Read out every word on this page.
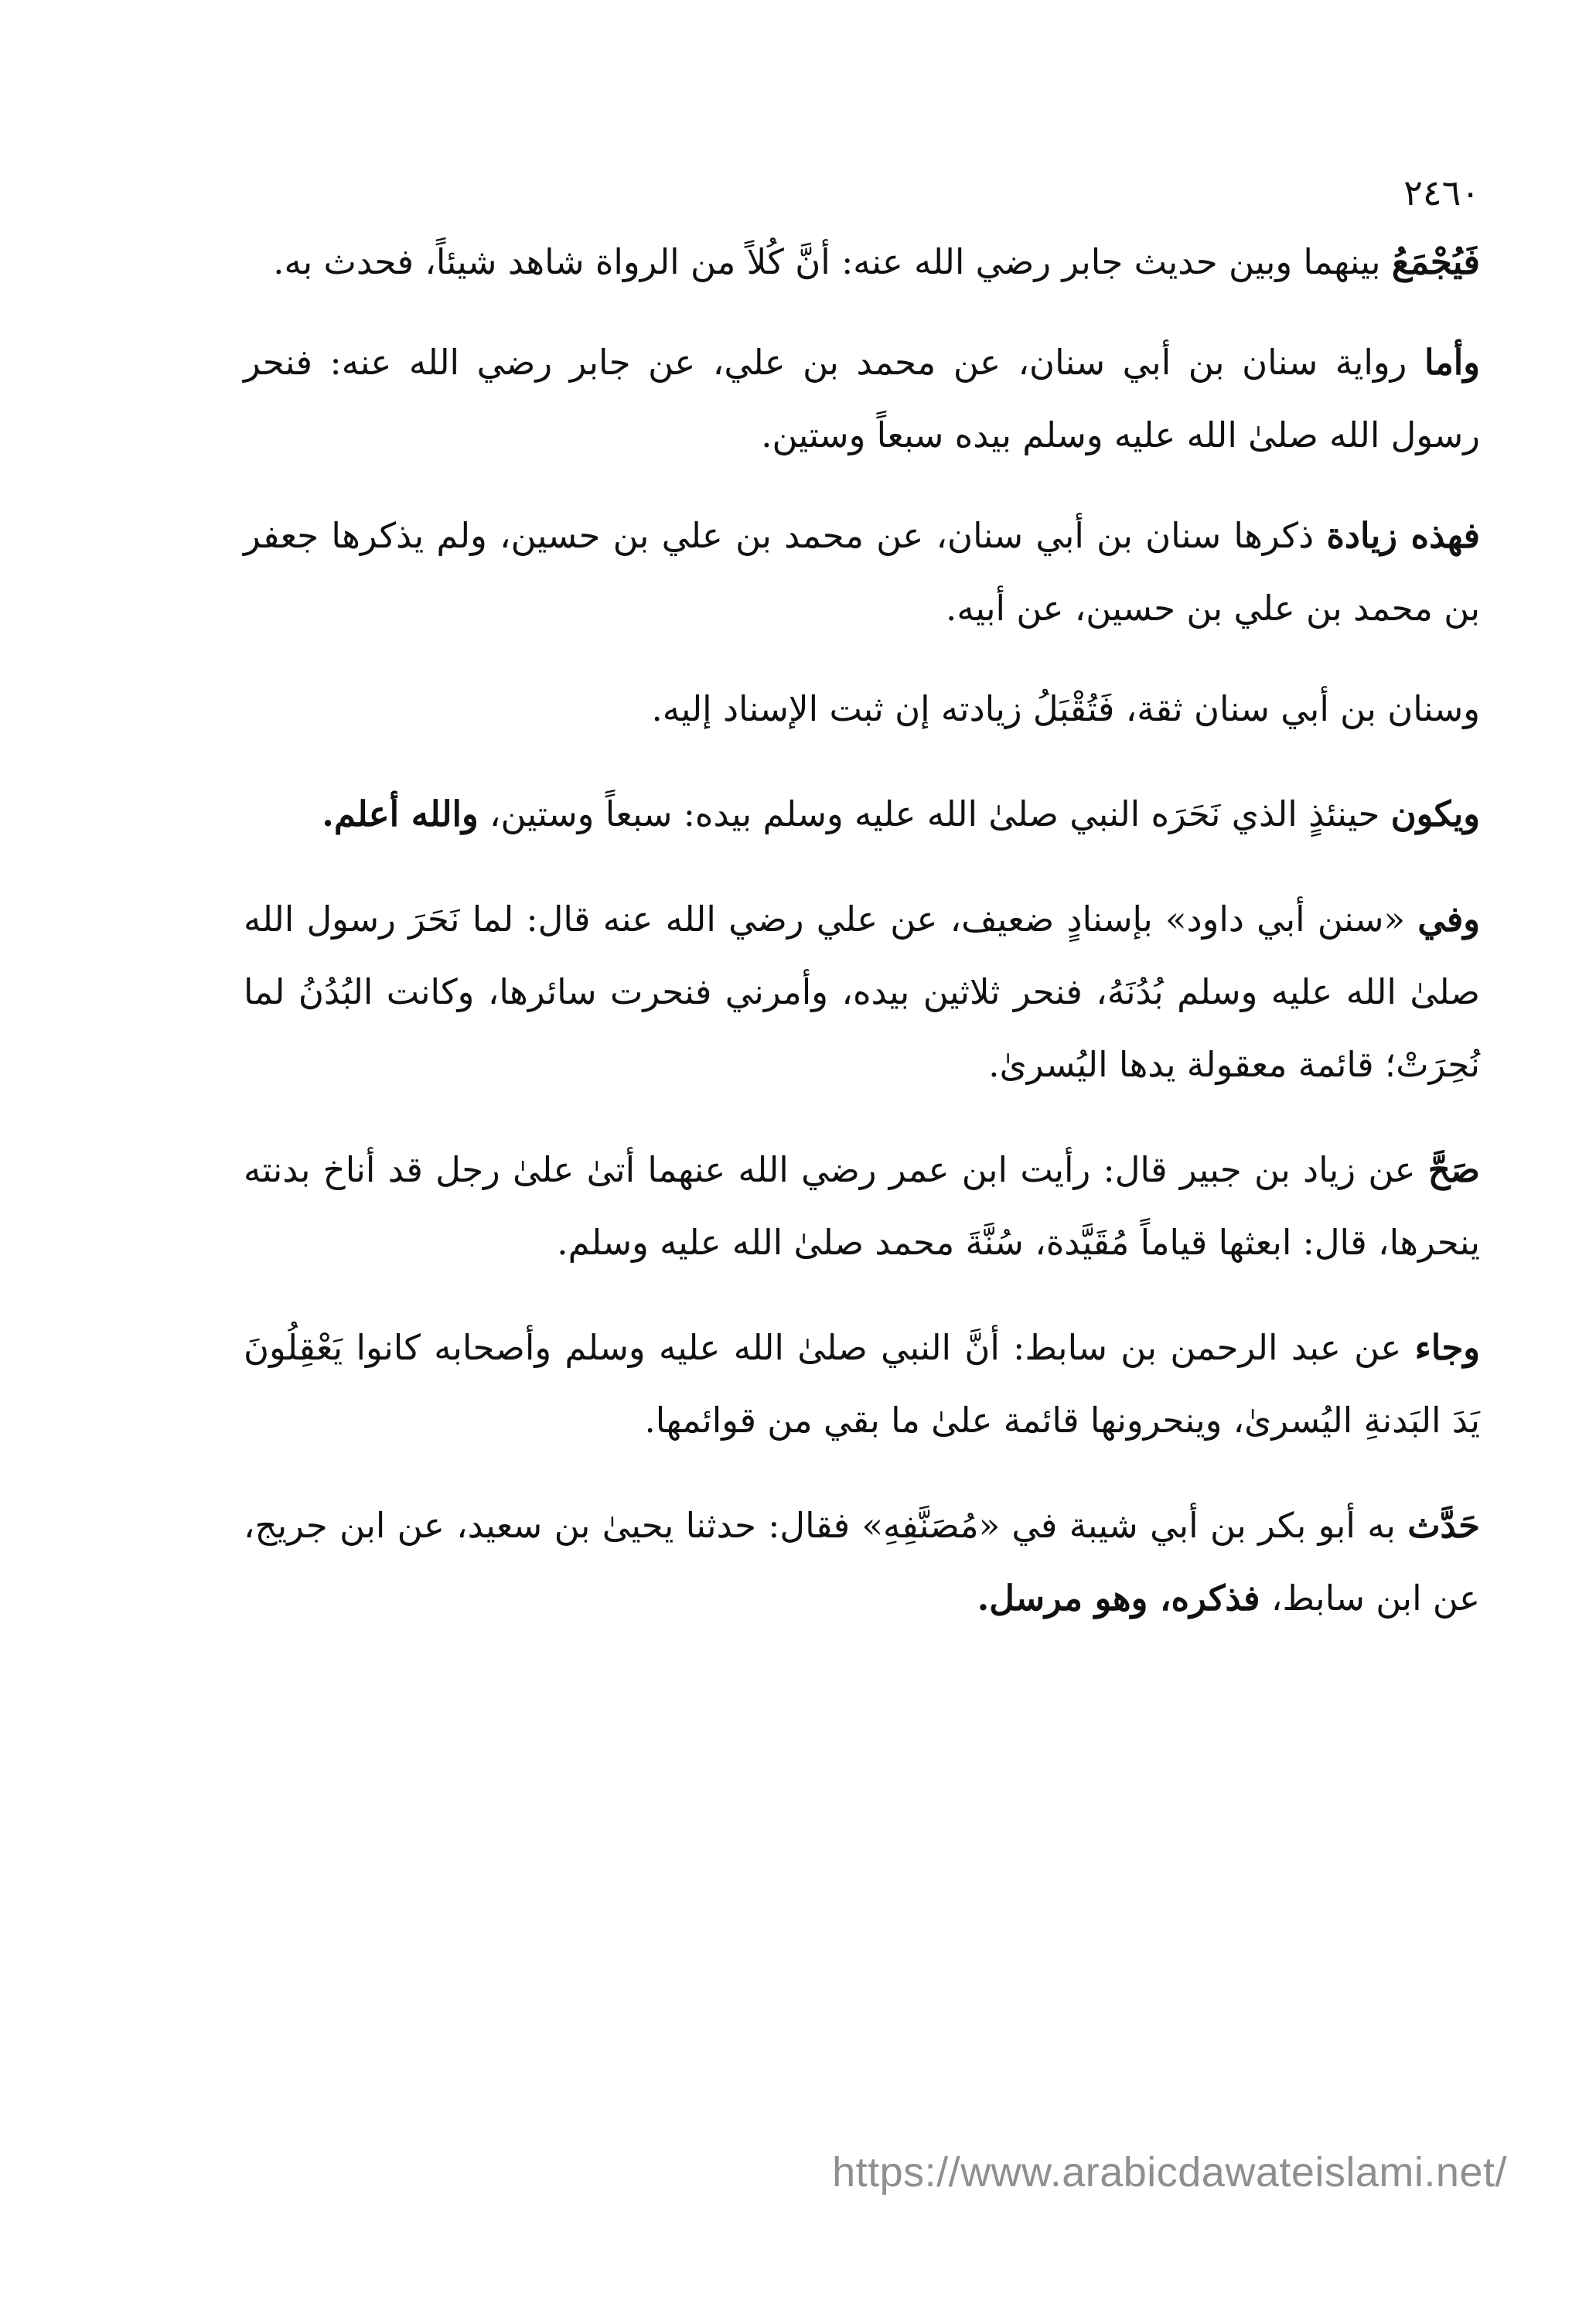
٢٤٦٠

فَيُجْمَعُ بينهما وبين حديث جابر رضي الله عنه: أنَّ كُلاً من الرواة شاهد شيئاً، فحدث به.

وأما رواية سنان بن أبي سنان، عن محمد بن علي، عن جابر رضي الله عنه: فنحر رسول الله صلىٰ الله عليه وسلم بيده سبعاً وستين.

فهذه زيادة ذكرها سنان بن أبي سنان، عن محمد بن علي بن حسين، ولم يذكرها جعفر بن محمد بن علي بن حسين، عن أبيه.

وسنان بن أبي سنان ثقة، فَتُقْبَلُ زيادته إن ثبت الإسناد إليه.

ويكون حينئذٍ الذي نَحَرَه النبي صلىٰ الله عليه وسلم بيده: سبعاً وستين، والله أعلم.

وفي «سنن أبي داود» بإسنادٍ ضعيف، عن علي رضي الله عنه قال: لما نَحَرَ رسول الله صلىٰ الله عليه وسلم بُدُنَهُ، فنحر ثلاثين بيده، وأمرني فنحرت سائرها، وكانت البُدُنُ لما نُحِرَتْ؛ قائمة معقولة يدها اليُسرىٰ.

صَحَّ عن زياد بن جبير قال: رأيت ابن عمر رضي الله عنهما أتىٰ علىٰ رجل قد أناخ بدنته ينحرها، قال: ابعثها قياماً مُقَيَّدة، سُنَّةَ محمد صلىٰ الله عليه وسلم.

وجاء عن عبد الرحمن بن سابط: أنَّ النبي صلىٰ الله عليه وسلم وأصحابه كانوا يَعْقِلُونَ يَدَ البَدنةِ اليُسرىٰ، وينحرونها قائمة علىٰ ما بقي من قوائمها.

حَدَّث به أبو بكر بن أبي شيبة في «مُصَنَّفِهِ» فقال: حدثنا يحيىٰ بن سعيد، عن ابن جريج، عن ابن سابط، فذكره، وهو مرسل.

https://www.arabicdawateislami.net/
